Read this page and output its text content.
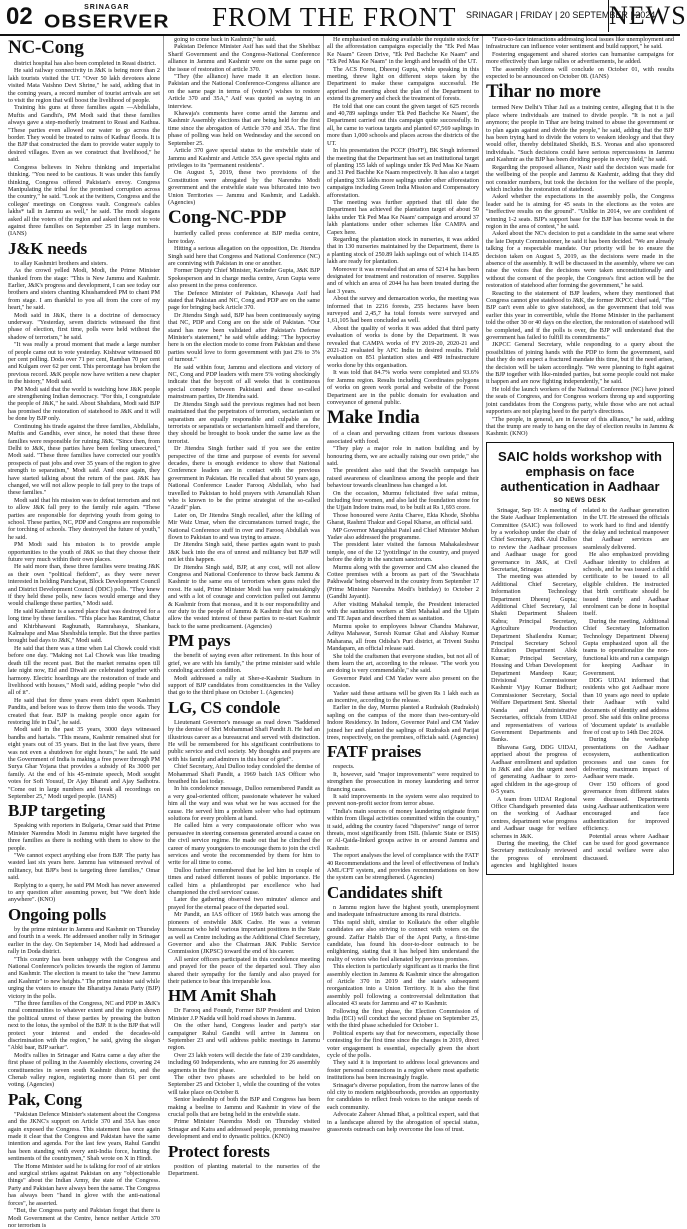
02	SRINAGAR
OBSERVER FROM THE FRONT SRINAGAR | FRIDAY | 20 SEPTEMBER | 2024
NEWS
NC-Cong

district hospital has also been completed in Reasi district.

He said railway connectivity in J&K is being more than 2 lakh tourists visited the UT. "Over 50 lakh devotees alone visited Mata Vaishno Devi Shrine," he said, adding that in the coming years, a record number of tourist arrivals are set to visit the region that will boost the livelihood of people.

Training his guns at three families again —Abdullahs, Muftis and Gandhi's, PM Modi said that these families always gave a step-motherly treatment to Reasi and Kathua. "These parties even allowed our water to go across the border. They would be treated to rains of Kathua' floods. It is the BJP that constructed the dam to provide water supply to desired villages. Even as we construct that livelihood," he said.

Congress believes in Nehru thinking and imperialist thinking. "You need to be cautious. It was under this family thinking, Congress offered Pakistan's envoy. Congress Manipulating the tribal for the promised corruption across the country," he said. "Look at the twitters, Congress and the colleges' meetings on Congress vault. Congress's cables lakhs* tall in Jammu as well," he said. The modi slogans asked all the voters of the region and asked them not to vote against three families on September 25 in large numbers. (IANS)

J&K needs

to allay Kashmiri brothers and sisters.

As the crowd yelled Modi, Modi, the Prime Minister thanked from the stage: "This is New Jammu and Kashmir. Earlier, J&K's progress and development, I can see today our brothers and sisters chanting Khushamdeed PM to chant PM from stage. I am thankful to you all from the core of my heart," he said.

Modi said in J&K, there is a doctrine of democracy underway. "Yesterday, seven districts witnessed the first phase of election, first time, polls were held without the shadow of terrorism," he said.

"It was really a proud moment that made a large number of people came out to vote yesterday. Kishtwar witnessed 80 per cent polling. Doda over 71 per cent, Ramban 70 per cent and Kulgam over 62 per cent. This percentage has broken the previous record. J&K people now have written a new chapter in the history," Modi said.

PM Modi said that the world is watching how J&K people are strengthening Indian democracy. "For this, I congratulate the people of J&K," he said. About Shahdara, Modi said BJP has promised the restoration of statehood to J&K and it will be done by BJP only.

Continuing his tirade against the three families, Abdullahs, Muftis and Gandhis, ever since, he noted that these three families were responsible for ruining J&K. "Since then, from Delhi to J&K, these parties have been feeling unsecured," Modi said. "These three families have corrected our youth's prospects of past jobs and over 35 years of the region to give strength to separatism," Modi said. And once again, they have started talking about the return of the past. J&K has changed, we will not allow people to fall prey to the traps of these families."

Modi said that his mission was to defeat terrorism and not to allow J&K fall prey to the family rule again. "These parties are responsible for depriving youth from going to school. These parties, NC, PDP and Congress are responsible for torching of schools. They destroyed the future of youth," he said.

PM Modi said his mission is to provide ample opportunities to the youth of J&K so that they choose their future very much within their own places.

He said more than, these three families were treating J&K as their own "political fiefdom", as they were never interested in holding Panchayat, Block Development Council and District Development Council (DDC) polls. "They knew if they held these polls, new faces would emerge and they would challenge these parties," Modi said.

He said Kashmir is a sacred place that was destroyed for a long time by these families. "This place has Ramtirat, Chatur and Khirbhawani Raghunath, Ramrahasya, Shankara, Kalmalupe and Maa Sheshshila temple. But the three parties brought bad days to J&K," Modi said.

He said that there was a time when Lal Chowk could visit before one day. "Making not Lal Chowk was like treading death till the recent past. But the market remains open till late night now, Eid and Diwali are celebrated together with harmony. Electric hoardings are the restoration of trade and livelihood with houses," Modi said, adding people "who did all of it".

He said that for three years even didn't open Kashmiri Pandits, and before was to throw them into the woods. They created that fear. BJP is making people once again for restoring life in Dal", he said.

Modi said in the past 35 years, 3000 days witnessed bandhs and hartals. "This means, Kashmir remained shut for eight years out of 35 years. But in the last five years, there was not even a shutdown for eight hours," he said. He said the Government of India is making a free power through PM Surya Ghar Yojana that provides a subsidy of Rs 3000 per family. At the end of his 45-minute speech, Modi sought votes for Sofi Yousuf, Dr Ajay Bharati and Ajay Sadhotra. "Come out in large numbers and break all recordings on September 25," Modi urged people. (IANS)

BJP targeting

Speaking with reporters in Bulgaria, Omar said that Prime Minister Narendra Modi in Jammu might have targeted the three families as there is nothing with them to show to the people.

"We cannot expect anything else from BJP. The party has wasted last six years here. Jammu has witnessed revival of militancy, but BJP's best is targeting three families," Omar said.

Replying to a query, he said PM Modi has never answered to any question after assuming power, but "We don't hide anywhere". (KNO)

Ongoing polls

by the prime minister in Jammu and Kashmir on Thursday and fourth in a week. He addressed another rally in Srinagar earlier in the day. On September 14, Modi had addressed a rally in Doda district.

"This country has been unhappy with the Congress and National Conference's policies towards the region of Jammu and Kashmir. The election is meant to take the "new Jammu and Kashmir" to new heights." The prime minister said while urging the voters to ensure the Bharatiya Janata Party (BJP) victory in the polls.

"The three families of the Congress, NC and PDP in J&K's rural communities to whatever extent and the region shown the political unrest of these parties by pressing the button next to the lotus, the symbol of the BJP. It is the BJP that will protect your interest and ended the decades-old discrimination with the region," he said, giving the slogan "Abki baar, BJP sarkar".

Modi's rallies in Srinagar and Katra came a day after the first phase of polling in the Assembly elections, covering 24 constituencies in seven south Kashmir districts, and the Chenab valley region, registering more than 61 per cent voting. (Agencies)

Pak, Cong

"Pakistan Defence Minister's statement about the Congress and the JKNC's support on Article 370 and 35A has once again exposed the Congress. This statement has once again made it clear that the Congress and Pakistan have the same intention and agenda. For the last few years, Rahul Gandhi has been standing with every anti-India force, hurting the sentiments of the countrymen," Shah wrote on X in Hindi.

The Home Minister said he is talking for roof of air strikes and surgical strikes against Pakistan on any "objectionable things" about the Indian Army, the state of the Congress. Party and Pakistan have always been the same. The Congress has always been "hand in glove with the anti-national forces", he asserted.

"But, the Congress party and Pakistan forget that there is Modi Government at the Centre, hence neither Article 370 nor terrorism is

going to come back in Kashmir," he said.

Pakistan Defence Minister Asif has said that the Shehbaz Sharif Government and the Congress-National Conference alliance in Jammu and Kashmir were on the same page on the issue of restoration of article 370.

"They (the alliance) have made it an election issue. Pakistan and the National Conference-Congress alliance are on the same page in terms of (voters') wishes to restore Article 370 and 35A," Asif was quoted as saying in an interview.

Khawaja's comments have come amid the Jammu and Kashmir Assembly elections that are being held for the first time since the abrogation of Article 370 and 35A. The first phase of polling was held on Wednesday and the second on September 25.

Article 370 gave special status to the erstwhile state of Jammu and Kashmir and Article 35A gave special rights and privileges to its "permanent residents".

On August 5, 2019, these two provisions of the Constitution were abrogated by the Narendra Modi government and the erstwhile state was bifurcated into two Union Territories — Jammu and Kashmir, and Ladakh. (Agencies)

Cong-NC-PDP

hurriedly called press conference at BJP media centre, here today.

Hitting a serious allegation on the opposition, Dr. Jitendra Singh said here that Congress and National Conference (NC) are conniving with Pakistan in one or another.

Former Deputy Chief Minister, Kavinder Gupta, J&K BJP Spokesperson and in charge media centre, Arun Gupta were also present in the press conference.

The Defence Minister of Pakistan, Khawaja Asif had stated that Pakistan and NC, Cong and PDP are on the same page for bringing back Article 370.

Dr Jitendra Singh said, BJP has been continuously saying that NC, PDP and Cong are on the side of Pakistan. "Our stand has now been validated after Pakistan's Defense Minister's statement," he said while adding: "The hypocrisy here is on the election mode to come from Pakistan and these parties would love to form government with just 2% to 3% of turnout."

He said within four, Jammu and elections and victory of NC, Cong and PDP leaders with mere 5% voting shockingly indicate that the boycott of all weeks that is continuous special comedy between Pakistani and these so-called mainstream parties, Dr Jitendra said.

Dr Jitendra Singh said the previous regimes had not been maintained that the perpetrators of terrorism, sectarianism or separatism are equally responsible and culpable as the terrorists or separatists or sectarianism himself and therefore, they should be brought to book under the same law as the terrorist.

Dr Jitendra Singh further said if you see the entire perspective of the time and purpose of events for several decades, there is enough evidence to show that National Conference leaders are in contact with the previous government in Pakistan. He recalled that about 50 years ago, National Conference Leader Farooq Abdullah, who had travelled to Pakistan to hold prayers with Amanullah Khan who is known to be the prime strategist of the so-called "Azadi" plan.

Later on, Dr Jitendra Singh recalled, after the killing of Mir Waiz Umar, when the circumstances turned tragic, the National Conference stuff in over and Farooq Abdullah was flown to Pakistan to and was trying to amaze.

Dr Jitendra Singh said, these parties again want to push J&K back into the era of unrest and militancy but BJP will not let this happen.

Dr Jitendra Singh said, BJP, at any cost, will not allow Congress and National Conference to throw back Jammu & Kashmir to the same era of terrorism when guns ruled the roost. He said, Prime Minister Modi has very painstakingly and with a lot of courage and conviction pulled out Jammu & Kashmir from that morass, and it is our responsibility and our duty to the people of Jammu & Kashmir that we do not allow the vested interest of these parties to re-start Kashmir back to the same predicament. (Agencies)

PM pays

the benefit of saying even after retirement. In this hour of grief, we are with his family," the prime minister said while condoling accident condition.

Modi addressed a rally at Sher-e-Kashmir Stadium in support of BJP candidates from constituencies in the Valley that go to the third phase on October 1. (Agencies)

LG, CS condole

Lieutenant Governor's message as read down "Saddened by the demise of Shri Mohammad Shafi Pandit Ji. He had an illustrious career as a bureaucrat and served with distinction. He will be remembered for his significant contributions to public service and civil society. My thoughts and prayers are with his family and admirers in this hour of grief".

Chief Secretary, Atul Dulloo today condoled the demise of Mohammad Shafi Pandit, a 1969 batch IAS Officer who breathed his last today.

In his condolence message, Dulloo remembered Pandit as a very goal-oriented officer, passionate whatever he valued him all the way and was what we he was accused for the cause. He served him a problem solver who had optimum solutions for every problem at hand.

He called him a very compassionate officer who was persuasive in steering consensus generated around a cause on the civil service regime. He made out that he clinched the career of many youngsters to encourage them to join the civil services and wrote the recommended by them for him to write for all time to come.

Dulloo further remembered that he led him in couple of times and raised different issues of public importance. He called him a philanthropist par excellence who had championed the civil services' cause.

Later the gathering observed two minutes' silence and prayed for the eternal peace of the departed soul.

Mr Pandit, an IAS officer of 1969 batch was among the pioneers of erstwhile J&K Cadre. He was a veteran bureaucrat who held various important positions in the State as well as Centre including as the Additional Chief Secretary, Governor and also the Chairman J&K Public Service Commission (JKPSC) toward the end of his career.

All senior officers participated in this condolence meeting and prayed for the peace of the departed soul. They also shared their sympathy for the family and also prayed for their patience to bear this irreparable loss.

HM Amit Shah

Dr Farooq and Foundr, Former BJP President and Union Minister J.P Nadda will hold road shows in Jammu.

On the other hand, Congress leader and party's star campaigner Rahul Gandhi will arrive in Jammu on September 23 and will address public meetings in Jammu region.

Over 23 lakh voters will decide the fate of 239 candidates, including 60 Independents, who are running for 26 assembly segments in the first phase.

The other two phases are scheduled to be held on September 25 and October 1, while the counting of the votes will take place on October 8.

Senior leadership of both the BJP and Congress has been making a beeline to Jammu and Kashmir in view of the crucial polls that are being held in the erstwhile state.

Prime Minister Narendra Modi on Thursday visited Srinagar and Katra and addressed people, promising massive development and end to dynastic politics. (KNO)

Protect forests

position of planting material to the nurseries of the Department.

He emphasised on making available the requisite stock for all the afforestation campaigns especially the "Ek Ped Maa Ke Naam" Green Drive, "Ek Ped Bachche Ke Naam" and "Ek Ped Maa Ke Naam" in the length and breadth of the UT.

The ACS Forest, Dheeraj Gupta, while speaking in this meeting, threw light on different steps taken by the Department to make these campaigns successful. He apprised the meeting about the plan of the Department to extend its greenery and check the treatment of forests.

He told that one can count the given target of 625 records and 40,789 saplings under 'Ek Ped Bachche Ke Naam', the Department carried out this campaign quite successfully. In all, he came to various targets and planted 67,569 saplings in more than 1,000 schools and places across the districts of the UT.

In his presentation the PCCF (HoFF), BK Singh informed the meeting that the Department has set an institutional target of planting 155 lakh of saplings under Ek Ped Maa Ke Naam and 31 Ped Bachhe Ke Naam respectively. It has also a target of planting 336 lakhs more saplings under other afforestation campaigns including Green India Mission and Compensatory afforestation.

The meeting was further apprised that till date the Department has achieved the plantation target of about 50 lakhs under 'Ek Ped Maa Ke Naam' campaign and around 37 lakh plantations under other schemes like CAMPA and Capex here.

Regarding the plantation stock in nurseries, it was added that in 130 nurseries maintained by the Department, there is a planting stock of 250.89 lakh saplings out of which 114.85 lakh are ready for plantation.

Moreover it was revealed that an area of 5214 ha has been designated for treatment and restoration of reserve. Supplies and of which an area of 2044 ha has been treated during the last 3 years.

About the survey and demarcation works, the meeting was informed that in 2216 forests, 255 hectares have been surveyed and 2,45,7 ha total forests were surveyed and 1,61,105 had been concluded as well.

About the quality of works it was added that third party evaluation of works is done by the Department. It was revealed that CAMPA works of FY 2019-20, 2020-21 and 2021-22 evaluated by AFC India in desired results. Field evaluation on 851 plantation sites and 489 infrastructure works done by this organisation.

It was told that 84.7% works were completed and 93.6% for Jammu region. Results including Coordinates polygons of works on green work portal and website of the Forest Department are in the public domain for evaluation and conveyance of general public.

Make India

of a clean and pervading citizen from various diseases associated with food.

"They play a major role in nation building and by honouring them, we are actually raising our own pride," she said.

The president also said that the Swachh campaign has raised awareness of cleanliness among the people and their behaviour towards cleanliness has changed a lot.

On the occasion, Murmu felicitated five safai mitras, including four women, and also laid the foundation stone for the Ujjain Indore trains road, to be built at Rs 1,693 crore.

Those honoured were Anita Charve, Ekta Khode, Shobha Gharat, Rashmi Thakur and Gopal Kharse, an official said.

MP Governor Mangubhai Patel and Chief Minister Mohan Yadav also addressed the programme.

The president later visited the famous Mahakaleshwar temple, one of the 12 'jyotirlinga' in the country, and prayed before the deity in the sanctum sanctorum.

Murmu along with the governor and CM also cleaned the Cottee premises with a broom as part of the 'Swachhata Pakhwada' being observed in the country from September 17 (Prime Minister Narendra Modi's birthday) to October 2 (Gandhi Jayanti).

After visiting Mahakal temple, the President interacted with the sanitation workers at Shri Mahakal and the Ujjain and TE Japan and described them as sanitation.

Murmu spoke to employees Ishwar Chandra Mahawar, Aditya Mahawar, Suresh Kumar Ghai and Akshay Kumar Maharana, all from Odisha's Puri district, at Triveni Sushu Mandapam, an official release said.

She told the craftsmen that everyone studies, but not all of them learn the art, according to the release. "The work you are doing is very commendable," she said.

Governor Patel and CM Yadav were also present on the occasion.

Yadav said these artisans will be given Rs 1 lakh each as an incentive, according to the release.

Earlier in the day, Murmu planted a Rudraksh (Rudraksh) sapling on the campus of the more than two-century-old Indore Residency. In Indore, Governor Patel and CM Yadav joined her and planted the saplings of Rudraksh and Parijat trees, respectively, on the premises, officials said. (Agencies)

FATF praises

respects.

It, however, said "major improvements" were required to strengthen the prosecution in money laundering and terror financing cases.

It said improvements in the system were also required to prevent non-profit sector from terror abuse.

"India's main sources of money laundering originate from within from illegal activities committed within the country," it said, adding the country faced "dispersive" range of terror threats, most significantly from ISIL (Islamic State or ISIS) or Al-Qaida-linked groups active in or around Jammu and Kashmir.

The report analyses the level of compliance with the FATF 40 Recommendations and the level of effectiveness of India's AML/CFT system, and provides recommendations on how the system can be strengthened. (Agencies)

Candidates shift

n Jammu region have the highest youth, unemployment and inadequate infrastructure among its rural districts.

This rapid shift, similar to Kolkata's the other eligible candidates are also striving to connect with voters on the ground. Zaffar Habib Dar of the Apni Party, a first-time candidate, has found his door-to-door outreach to be enlightening, stating that it has helped him understand the reality of voters who feel alienated by previous promises.

This election is particularly significant as it marks the first assembly election in Jammu & Kashmir since the abrogation of Article 370 in 2019 and the state's subsequent reorganization into a Union Territory. It is also the first assembly poll following a controversial delimitation that allocated 43 seats for Jammu and 47 to Kashmir.

Following the first phase, the Election Commission of India (ECI) will conduct the second phase on September 25, with the third phase scheduled for October 1.

Political experts say that for newcomers, especially those contesting for the first time since the changes in 2019, direct voter engagement is essential, especially given the short cycle of the polls.

They said it is important to address local grievances and foster personal connections in a region where most apathetic institutions has been increasingly fragile.

Srinagar's diverse population, from the narrow lanes of the old city to modern neighbourhoods, provides an opportunity for candidates to reflect fresh voices to the unique needs of each community.

Advocate Zaheer Ahmad Bhat, a political expert, said that in a landscape altered by the abrogation of special status, grassroots outreach can help overcome the loss of trust.

"Face-to-face interactions addressing local issues like unemployment and infrastructure can influence voter sentiment and build rapport," he said.

Fostering engagement and shared stories can humanise campaigns for more effectively than large rallies or advertisements, he added.

The assembly elections will conclude on October 01, with results expected to be announced on October 08. (IANS)

Tihar no more

termed New Delhi's Tihar Jail as a training centre, alleging that it is the place where individuals are trained to divide people. "It is not a jail anymore; the people in Tihar are being trained to abuse the government or to plan again against and divide the people," he said, adding that the BJP has been trying hard to divide the voters to weaken ideology and that they would offer, thereby debilitated Sheikh, B.S. Yeonas and also sponsored individuals. "Such decisions could have serious repercussions in Jammu and Kashmir as the BJP has been dividing people in every field," he said.

Regarding the proposed alliance, Nasir said the decision was made for the wellbeing of the people and Jammu & Kashmir, adding that they did not consider numbers, but took the decision for the welfare of the people, which includes the restoration of statehood.

Asked whether the expectations in the assembly polls, the Congress leader said he is aiming for 45 seats in the elections as the votes are "ineffective results on the ground". "Unlike in 2014, we are confident of winning 1-2 seats. BJP's support base for the BJP has become weak in the region in the area of contest," he said.

Asked about the NC's decision to put a candidate in the same seat where the late Deputy Commissioner, he said it has been decided. "We are already talking for a respectable mandate. Our priority will be to ensure the decision taken on August 5, 2019, as the decisions were made in the absence of the assembly. It will be discussed in the assembly, where we can raise the voices that the decisions were taken unconstitutionally and without the consent of the people, the Congress's first action will be the restoration of statehood after forming the government," he said.

Reacting to the statement of BJP leaders, where they mentioned that Congress cannot give statehood to J&K, the former JKPCC chief said, "The BJP can't even able to give statehood, as the government that told was earlier this year in convertible, while the Home Minister in the parliament told the other 30 or 40 days on the election, the restoration of statehood will be completed, and if the polls is over, the BJP will understand that the government has failed to fulfill its commitments."

JKPCC General Secretary, while responding to a query about the possibilities of joining hands with the PDP to form the government, said that they do not expect a fractured mandate this time, but if the need arises, the decision will be taken accordingly. "We were planning to fight against the BJP together with like-minded parties, but some people could not make it happen and are now fighting independently," he said.

He told the launch workers of the National Conference (NC) have joined the seats of Congress, and for Congress workers throng up and supporting joint candidates from the Congress party, while those who are not actual supporters are not playing heed to the party's directions.

"The people, in general, are in favour of this alliance," he said, adding that the trump are ready to hang on the day of election results in Jammu & Kashmir. (KNO)

SAIC holds workshop with emphasis on face authentication in Aadhaar
SO NEWS DESK

Srinagar, Sep 19: A meeting of the State Aadhaar Implementation Committee (SAIC) was followed by a workshop under the chair of Chief Secretary, J&K Atul Dulloo to review the Aadhaar processes and Aadhaar usage for good governance in J&K, at Civil Secretariat, Srinagar.

The meeting was attended by Additional Chief Secretary, Information Technology Department Dheeraj Gupta; Additional Chief Secretary, Jal Shakti Department Shaleen Kabra; Principal Secretary, Agriculture Production Department Shailendra Kumar; Principal Secretary School Education Department Alok Kumar; Principal Secretary, Housing and Urban Development Department Mandeep Kaur; Divisional Commissioner Kashmir Vijay Kumar Bidhuri; Commissioner Secretary, Social Welfare Department Smt. Sheetal Nanda and Administrative Secretaries, officials from UIDAI and representatives of various Government Departments and Banks.

Bhavana Garg, DDG UIDAI, apprised about the progress of Aadhaar enrollment and updation in J&K and also the urgent need of generating Aadhaar to zero-aged children in the age-group of 0-5 years.

A team from UIDAI Regional Office Chandigarh presented data on the working of Aadhaar centres, department wise progress and Aadhaar usage for welfare schemes in J&K.

During the meeting, the Chief Secretary meticulously reviewed the progress of enrolment agencies and highlighted issues related to the Aadhaar generation in the UT. He stressed the officials to work hard to find and identify the delay and technical manpower that Aadhaar services are seamlessly delivered.

He also emphasized providing Aadhaar identity to children at schools, and he was issued a child certificate to be issued to all eligible children. He instructed that birth certificate should be issued timely and Aadhaar enrolment can be done in hospital itself.

During the meeting, Additional Chief Secretary Information Technology Department Dheeraj Gupta emphasized upon all the teams to operationalize the non-functional kits and run a campaign for keeping Aadhaar in Government.

DDG UIDAI informed that residents who got Aadhaar more than 10 years ago need to update their Aadhaar with valid documents of identity and address proof. She said this online process of 'document update' is available free of cost up to 14th Dec 2024.

During the workshop presentations on the Aadhaar ecosystem, authentication processes and use cases for delivering maximum impact of Aadhaar were made.

Over 150 officers of good governance from different states were discussed. Departments using Aadhaar authentication were encouraged and face authentication for improved efficiency.

Potential areas where Aadhaar can be used for good governance and social welfare were also discussed.
